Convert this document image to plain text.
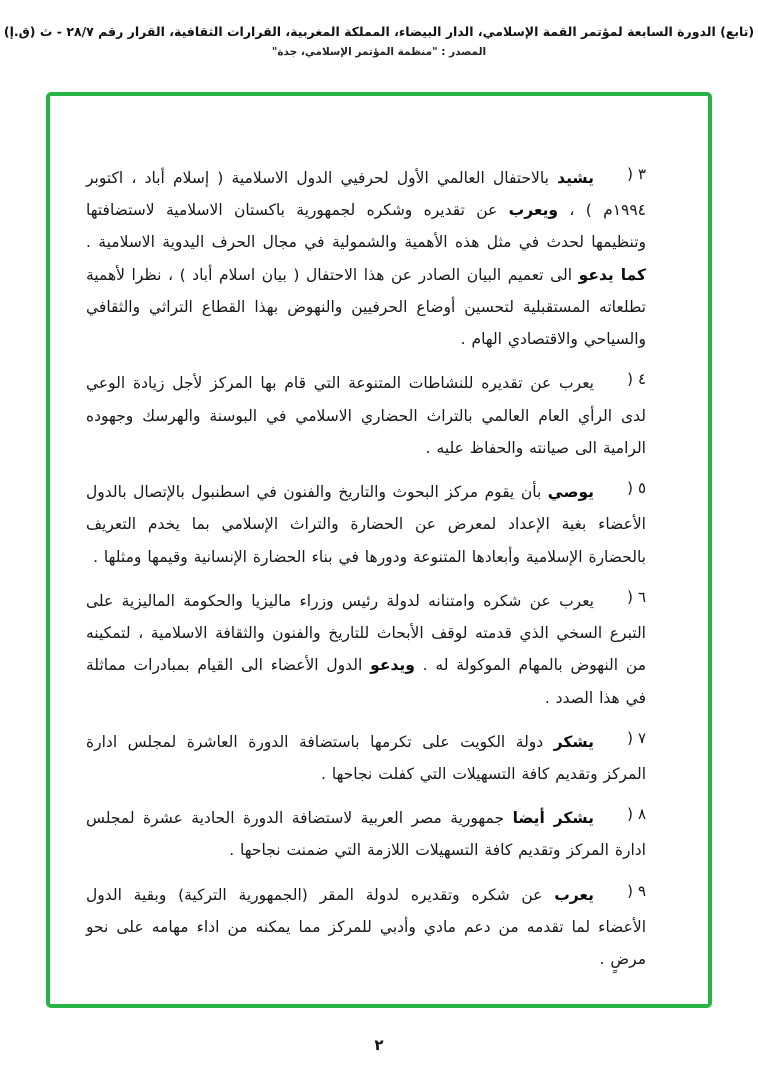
(تابع) الدورة السابعة لمؤتمر القمة الإسلامي، الدار البيضاء، المملكة المغربية، القرارات الثقافية، القرار رقم ٢٨/٧ - ث (ق.إ)
المصدر : "منظمة المؤتمر الإسلامي، جدة"
) ٣
يشيد بالاحتفال العالمي الأول لحرفيي الدول الاسلامية ( إسلام أباد ، اكتوبر ١٩٩٤م ) ، ويعرب عن تقديره وشكره لجمهورية باكستان الاسلامية لاستضافتها وتنظيمها لحدث في مثل هذه الأهمية والشمولية في مجال الحرف اليدوية الاسلامية . كما يدعو الى تعميم البيان الصادر عن هذا الاحتفال ( بيان اسلام أباد ) ، نظرا لأهمية تطلعاته المستقبلية لتحسين أوضاع الحرفيين والنهوض بهذا القطاع التراثي والثقافي والسياحي والاقتصادي الهام .
) ٤
يعرب عن تقديره للنشاطات المتنوعة التي قام بها المركز لأجل زيادة الوعي لدى الرأي العام العالمي بالتراث الحضاري الاسلامي في البوسنة والهرسك وجهوده الرامية الى صيانته والحفاظ عليه .
) ٥
يوصي بأن يقوم مركز البحوث والتاريخ والفنون في اسطنبول بالإتصال بالدول الأعضاء بغية الإعداد لمعرض عن الحضارة والتراث الإسلامي بما يخدم التعريف بالحضارة الإسلامية وأبعادها المتنوعة ودورها في بناء الحضارة الإنسانية وقيمها ومثلها .
) ٦
يعرب عن شكره وامتنانه لدولة رئيس وزراء ماليزيا والحكومة الماليزية على التبرع السخي الذي قدمته لوقف الأبحاث للتاريخ والفنون والثقافة الاسلامية ، لتمكينه من النهوض بالمهام الموكولة له . ويدعو الدول الأعضاء الى القيام بمبادرات مماثلة في هذا الصدد .
) ٧
يشكر دولة الكويت على تكرمها باستضافة الدورة العاشرة لمجلس ادارة المركز وتقديم كافة التسهيلات التي كفلت نجاحها .
) ٨
يشكر أيضا جمهورية مصر العربية لاستضافة الدورة الحادية عشرة لمجلس ادارة المركز وتقديم كافة التسهيلات اللازمة التي ضمنت نجاحها .
) ٩
يعرب عن شكره وتقديره لدولة المقر (الجمهورية التركية) وبقية الدول الأعضاء لما تقدمه من دعم مادي وأدبي للمركز مما يمكنه من اداء مهامه على نحو مرضٍ .
٢
